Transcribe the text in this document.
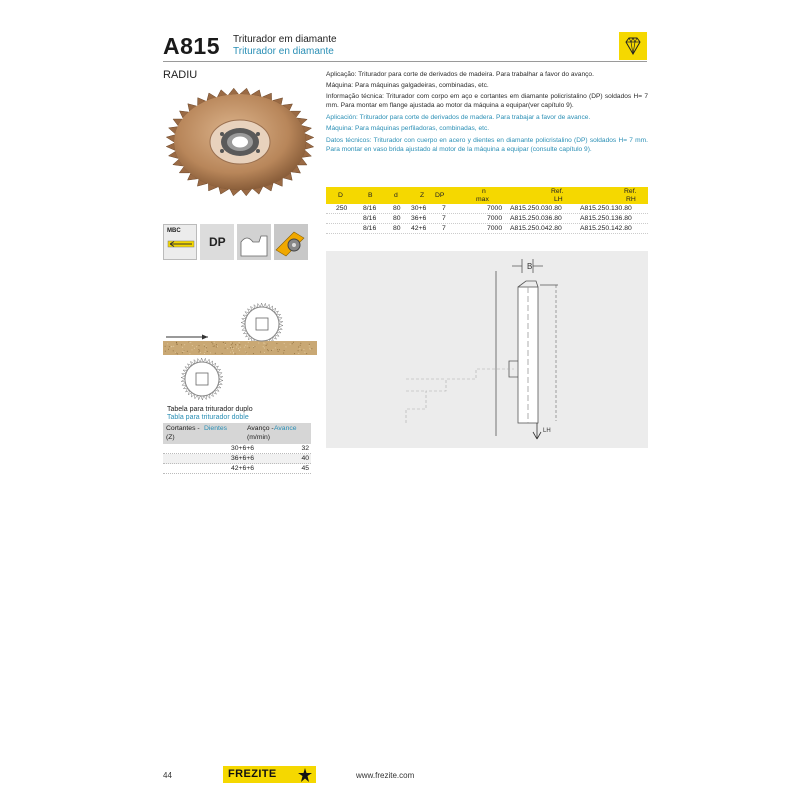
A815 Triturador em diamante
Triturador en diamante
RADIU
MBC
DP
Tabela para triturador duplo
Tabla para triturador doble
Cortantes - Dientes
(Z)
Avanço - Avance
(m/min)
30+6+6	32
36+6+6	40
42+6+6	45
Aplicação: Triturador para corte de derivados de madeira. Para trabalhar a favor do avanço.
Máquina: Para máquinas galgadeiras, combinadas, etc.
Informação técnica: Triturador com corpo em aço e cortantes em diamante policristalino (DP) soldados H= 7 mm. Para montar em flange ajustada ao motor da máquina a equipar(ver capítulo 9).
Aplicación: Triturador para corte de derivados de madera. Para trabajar a favor de avance.
Máquina: Para máquinas perfiladoras, combinadas, etc.
Datos técnicos: Triturador con cuerpo en acero y dientes en diamante policristalino (DP) soldados H= 7 mm. Para montar en vaso brida ajustado al motor de la máquina a equipar (consulte capítulo 9).
D	B	d	Z DP
n
max
Ref.
LH
Ref.
RH
250 8/16 80 30+6 7	7000 A815.250.030.80	A815.250.130.80
8/16 80 36+6 7	7000 A815.250.036.80	A815.250.136.80
8/16 80 42+6 7	7000 A815.250.042.80	A815.250.142.80
B
LH
44	FREZITE	www.frezite.com
